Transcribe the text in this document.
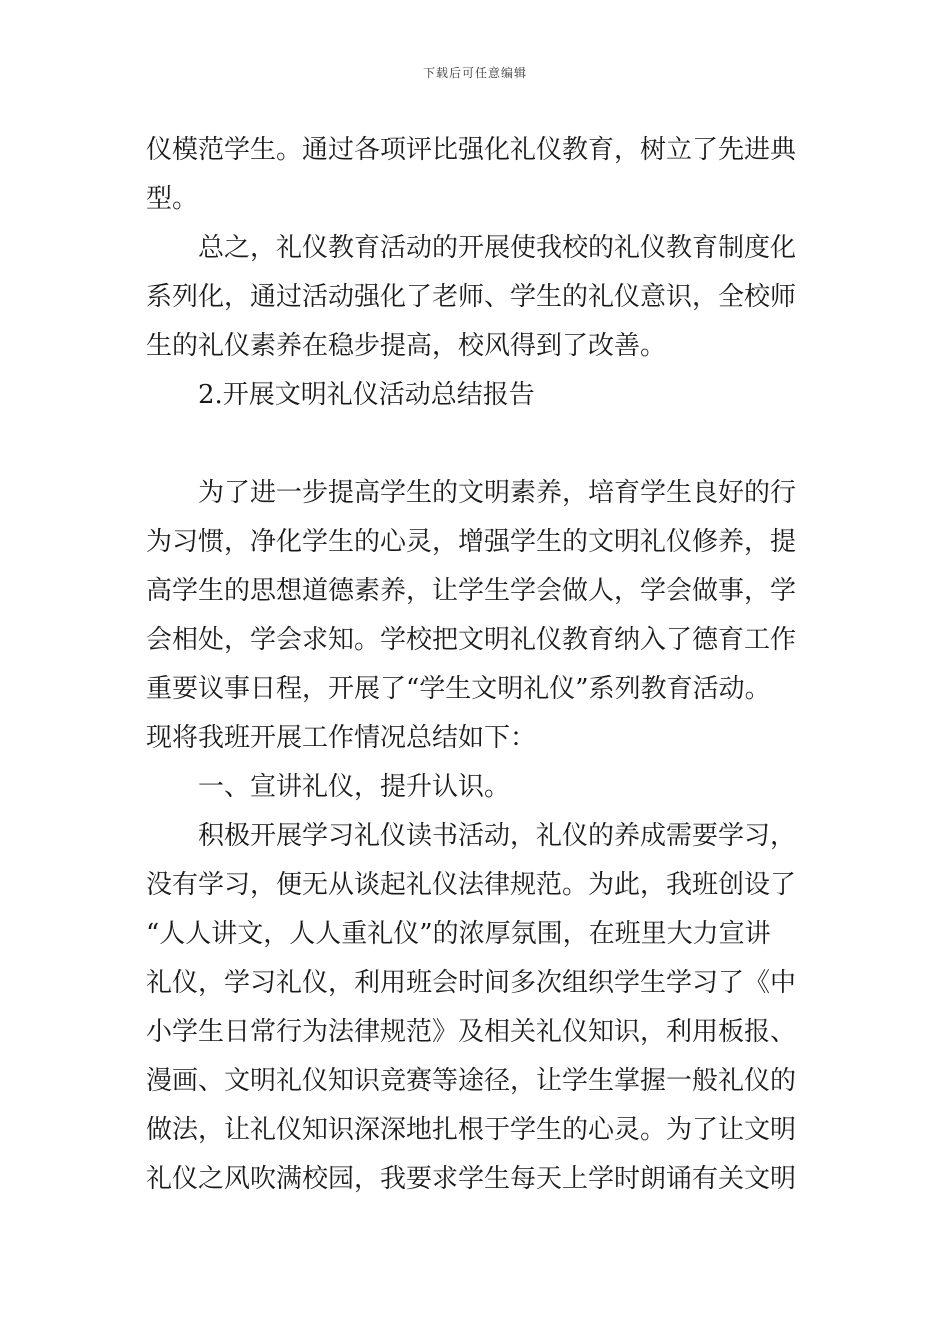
下载后可任意编辑
仪模范学生。通过各项评比强化礼仪教育，树立了先进典
型。
总之，礼仪教育活动的开展使我校的礼仪教育制度化
系列化，通过活动强化了老师、学生的礼仪意识，全校师
生的礼仪素养在稳步提高，校风得到了改善。
2.开展文明礼仪活动总结报告
为了进一步提高学生的文明素养，培育学生良好的行
为习惯，净化学生的心灵，增强学生的文明礼仪修养，提
高学生的思想道德素养，让学生学会做人，学会做事，学
会相处，学会求知。学校把文明礼仪教育纳入了德育工作
重要议事日程，开展了“学生文明礼仪”系列教育活动。
现将我班开展工作情况总结如下：
一、宣讲礼仪，提升认识。
积极开展学习礼仪读书活动，礼仪的养成需要学习，
没有学习，便无从谈起礼仪法律规范。为此，我班创设了
“人人讲文，人人重礼仪”的浓厚氛围，在班里大力宣讲
礼仪，学习礼仪，利用班会时间多次组织学生学习了《中
小学生日常行为法律规范》及相关礼仪知识，利用板报、
漫画、文明礼仪知识竞赛等途径，让学生掌握一般礼仪的
做法，让礼仪知识深深地扎根于学生的心灵。为了让文明
礼仪之风吹满校园，我要求学生每天上学时朗诵有关文明
